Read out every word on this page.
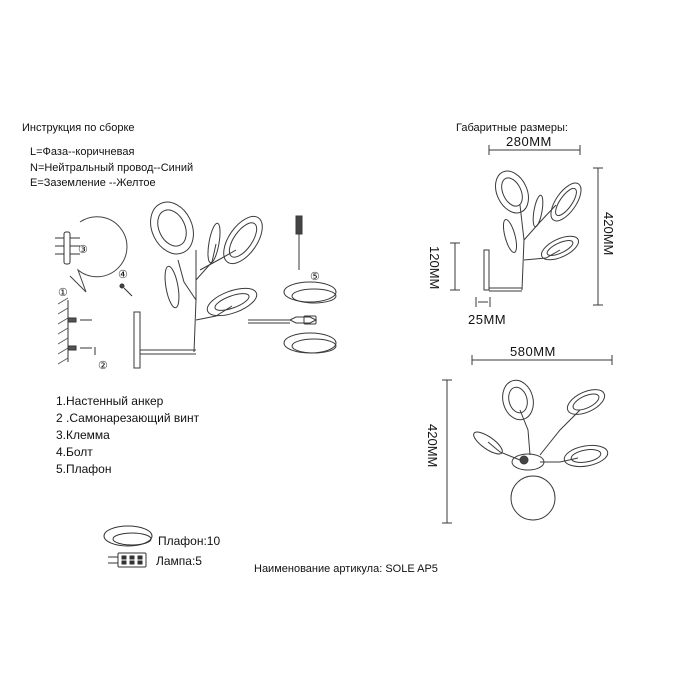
Инструкция по сборке
L=Фаза--коричневая
N=Нейтральный провод--Синий
E=Заземление --Желтое
①
②
③
④	⑤
1.Настенный анкер
2 .Самонарезающий винт
3.Клемма
4.Болт
5.Плафон
Габаритные размеры:
280MM
420MM
120MM
25MM
580MM
420MM
Плафон:10
Лампа:5
Наименование артикула: SOLE AP5
